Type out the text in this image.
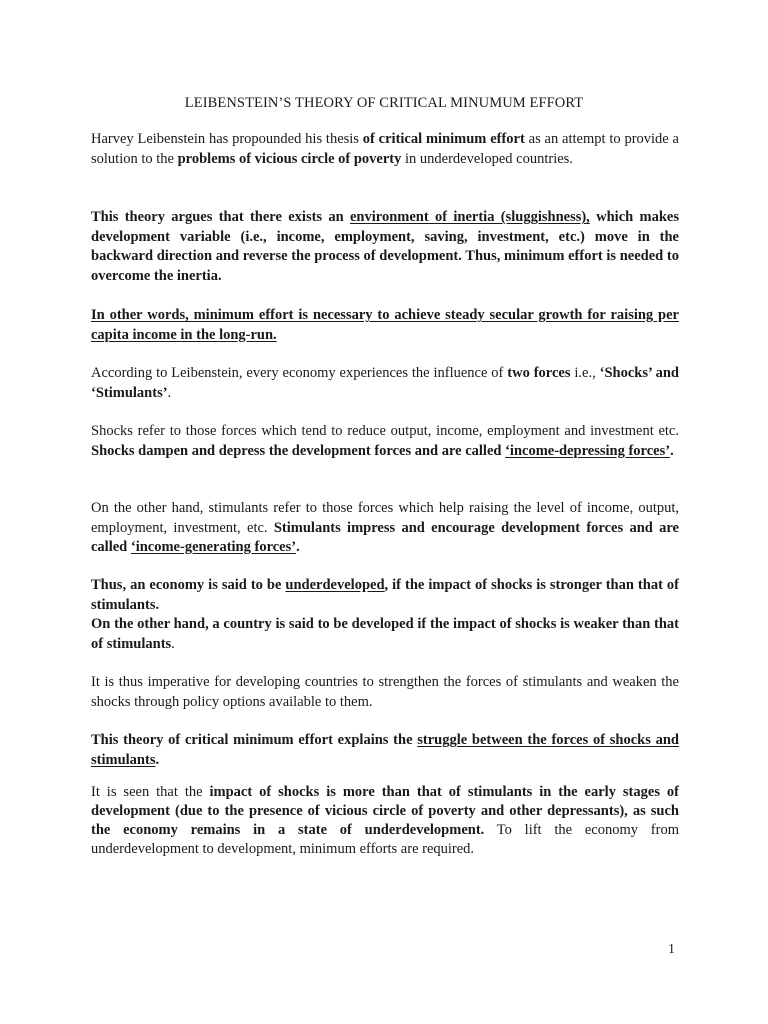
LEIBENSTEIN’S THEORY OF CRITICAL MINUMUM EFFORT
Harvey Leibenstein has propounded his thesis of critical minimum effort as an attempt to provide a solution to the problems of vicious circle of poverty in underdeveloped countries.
This theory argues that there exists an environment of inertia (sluggishness), which makes development variable (i.e., income, employment, saving, investment, etc.) move in the backward direction and reverse the process of development. Thus, minimum effort is needed to overcome the inertia.
In other words, minimum effort is necessary to achieve steady secular growth for raising per capita income in the long-run.
According to Leibenstein, every economy experiences the influence of two forces i.e., ‘Shocks’ and ‘Stimulants’.
Shocks refer to those forces which tend to reduce output, income, employment and investment etc. Shocks dampen and depress the development forces and are called ‘income-depressing forces’.
On the other hand, stimulants refer to those forces which help raising the level of income, output, employment, investment, etc. Stimulants impress and encourage development forces and are called ‘income-generating forces’.
Thus, an economy is said to be underdeveloped, if the impact of shocks is stronger than that of stimulants.
On the other hand, a country is said to be developed if the impact of shocks is weaker than that of stimulants.
It is thus imperative for developing countries to strengthen the forces of stimulants and weaken the shocks through policy options available to them.
This theory of critical minimum effort explains the struggle between the forces of shocks and stimulants.
It is seen that the impact of shocks is more than that of stimulants in the early stages of development (due to the presence of vicious circle of poverty and other depressants), as such the economy remains in a state of underdevelopment. To lift the economy from underdevelopment to development, minimum efforts are required.
1
